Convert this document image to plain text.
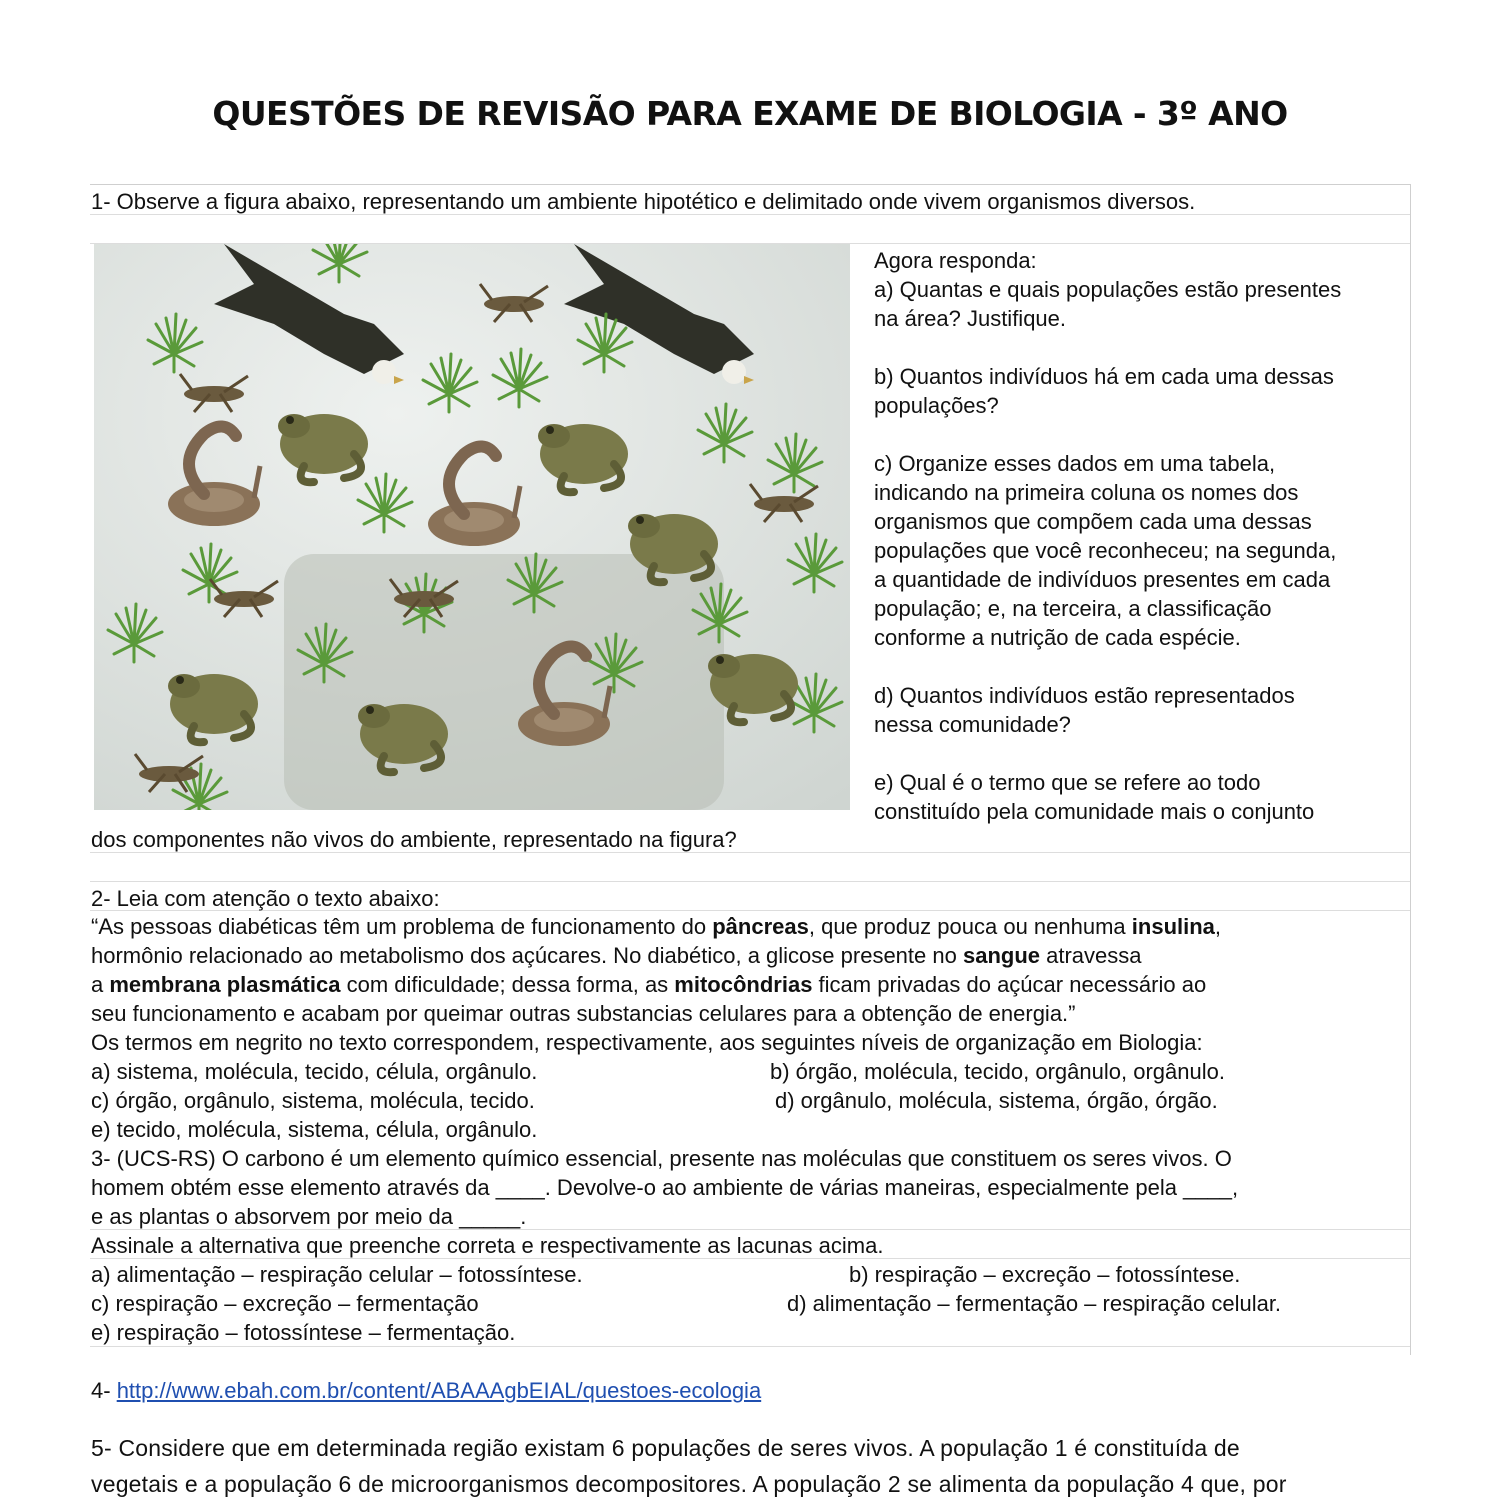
QUESTÕES DE REVISÃO PARA EXAME DE BIOLOGIA - 3º ANO
1- Observe a figura abaixo, representando um ambiente hipotético e delimitado onde vivem organismos diversos.
Agora responda:
a) Quantas e quais populações estão presentes
na área? Justifique.
b) Quantos indivíduos há em cada uma dessas
populações?
c) Organize esses dados em uma tabela,
indicando na primeira coluna os nomes dos
organismos que compõem cada uma dessas
populações que você reconheceu; na segunda,
a quantidade de indivíduos presentes em cada
população; e, na terceira, a classificação
conforme a nutrição de cada espécie.
d) Quantos indivíduos estão representados
nessa comunidade?
e) Qual é o termo que se refere ao todo
constituído pela comunidade mais o conjunto
dos componentes não vivos do ambiente, representado na figura?
2- Leia com atenção o texto abaixo:
“As pessoas diabéticas têm um problema de funcionamento do pâncreas, que produz pouca ou nenhuma insulina,
hormônio relacionado ao metabolismo dos açúcares. No diabético, a glicose presente no sangue atravessa
a membrana plasmática com dificuldade; dessa forma, as mitocôndrias ficam privadas do açúcar necessário ao
seu funcionamento e acabam por queimar outras substancias celulares para a obtenção de energia.”
Os termos em negrito no texto correspondem, respectivamente, aos seguintes níveis de organização em Biologia:
a) sistema, molécula, tecido, célula, orgânulo.	b) órgão, molécula, tecido, orgânulo, orgânulo.
c) órgão, orgânulo, sistema, molécula, tecido.	d) orgânulo, molécula, sistema, órgão, órgão.
e) tecido, molécula, sistema, célula, orgânulo.
3- (UCS-RS) O carbono é um elemento químico essencial, presente nas moléculas que constituem os seres vivos. O
homem obtém esse elemento através da ____. Devolve-o ao ambiente de várias maneiras, especialmente pela ____,
e as plantas o absorvem por meio da _____.
Assinale a alternativa que preenche correta e respectivamente as lacunas acima.
a) alimentação – respiração celular – fotossíntese.	b) respiração – excreção – fotossíntese.
c) respiração – excreção – fermentação	d) alimentação – fermentação – respiração celular.
e) respiração – fotossíntese – fermentação.
4- http://www.ebah.com.br/content/ABAAAgbEIAL/questoes-ecologia
5- Considere que em determinada região existam 6 populações de seres vivos. A população 1 é constituída de
vegetais e a população 6 de microorganismos decompositores. A população 2 se alimenta da população 4 que, por
